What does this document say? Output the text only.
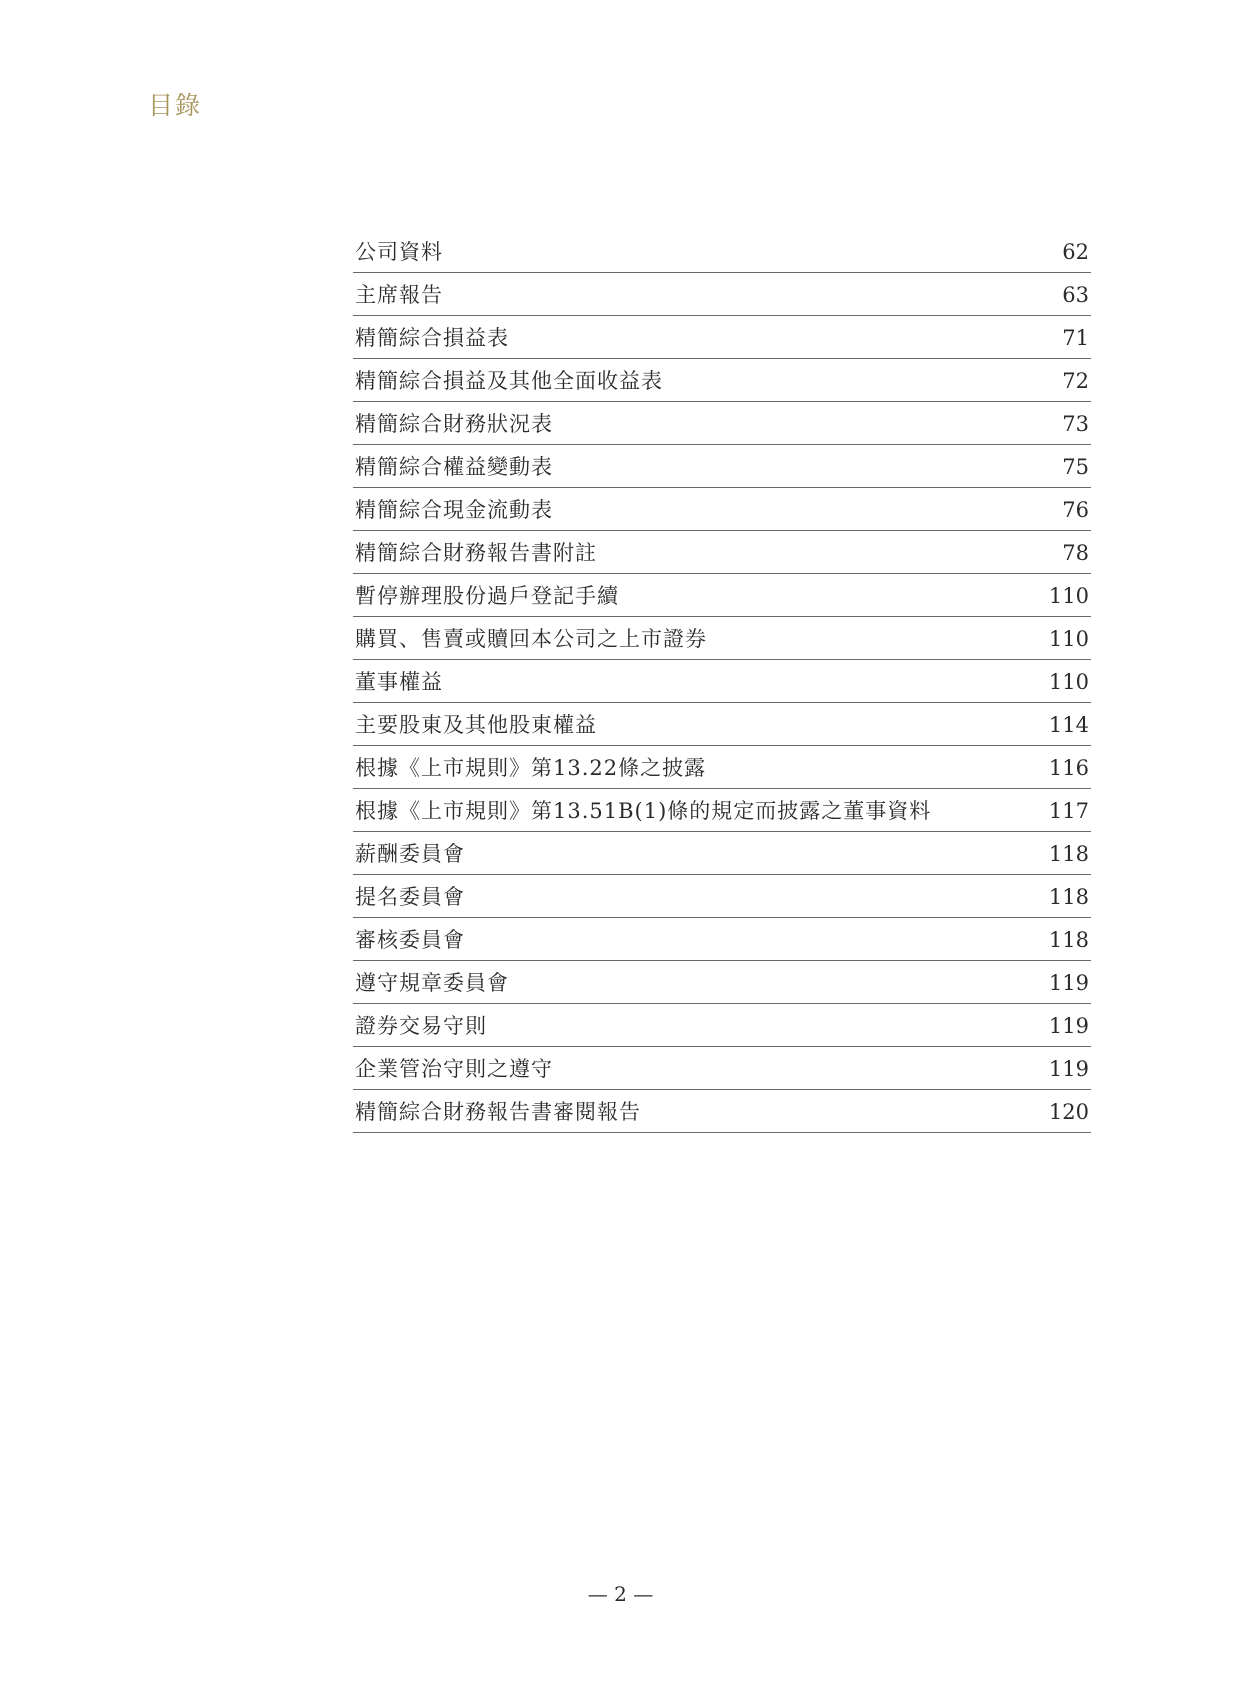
目錄
公司資料	62
主席報告	63
精簡綜合損益表	71
精簡綜合損益及其他全面收益表	72
精簡綜合財務狀況表	73
精簡綜合權益變動表	75
精簡綜合現金流動表	76
精簡綜合財務報告書附註	78
暫停辦理股份過戶登記手續	110
購買、售賣或贖回本公司之上市證券	110
董事權益	110
主要股東及其他股東權益	114
根據《上市規則》第13.22條之披露	116
根據《上市規則》第13.51B(1)條的規定而披露之董事資料	117
薪酬委員會	118
提名委員會	118
審核委員會	118
遵守規章委員會	119
證券交易守則	119
企業管治守則之遵守	119
精簡綜合財務報告書審閱報告	120
— 2 —
